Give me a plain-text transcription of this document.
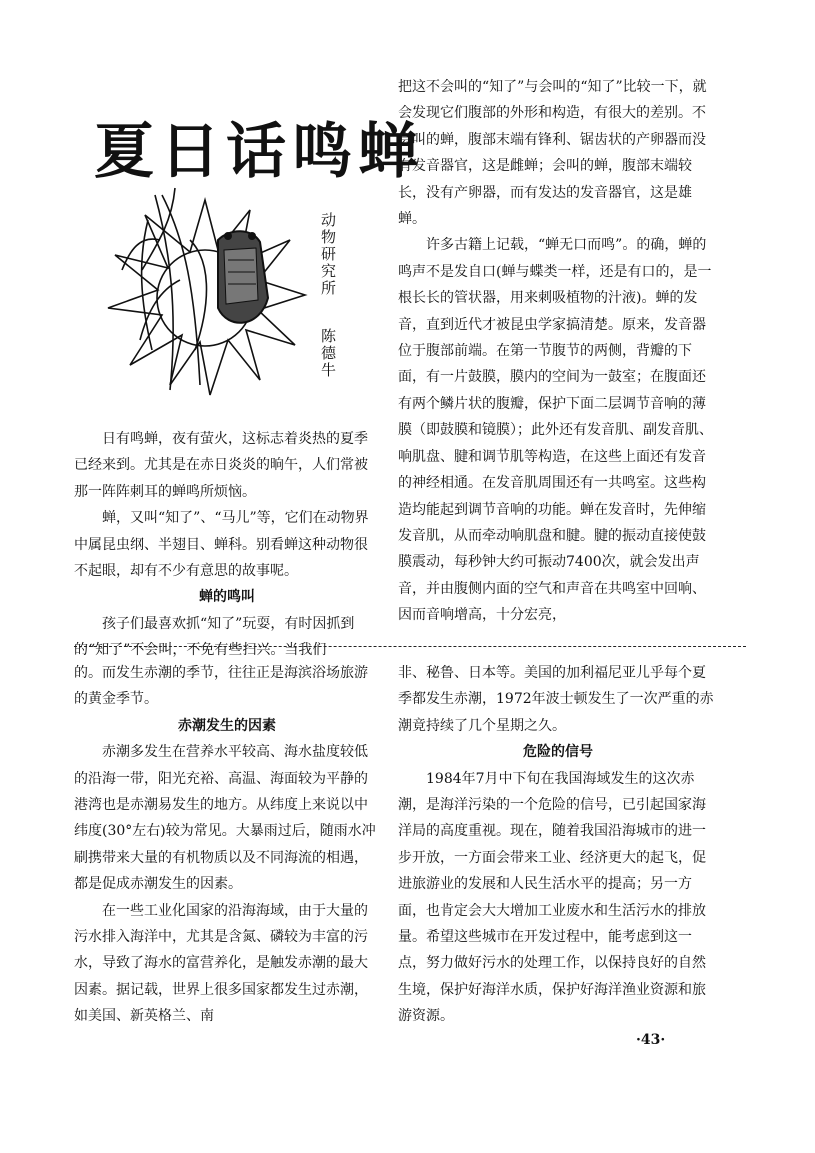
夏日话鸣蝉
动物研究所
陈德牛

日有鸣蝉，夜有萤火，这标志着炎热的夏季已经来到。尤其是在赤日炎炎的晌午，人们常被那一阵阵刺耳的蝉鸣所烦恼。

蝉，又叫“知了”、“马儿”等，它们在动物界中属昆虫纲、半翅目、蝉科。别看蝉这种动物很不起眼，却有不少有意思的故事呢。

蝉的鸣叫

孩子们最喜欢抓“知了”玩耍，有时因抓到的“知了”不会叫，不免有些扫兴。当我们

把这不会叫的“知了”与会叫的“知了”比较一下，就会发现它们腹部的外形和构造，有很大的差别。不会叫的蝉，腹部末端有锋利、锯齿状的产卵器而没有发音器官，这是雌蝉；会叫的蝉，腹部末端较长，没有产卵器，而有发达的发音器官，这是雄蝉。

许多古籍上记载，“蝉无口而鸣”。的确，蝉的鸣声不是发自口(蝉与蝶类一样，还是有口的，是一根长长的管状器，用来刺吸植物的汁液)。蝉的发音，直到近代才被昆虫学家搞清楚。原来，发音器位于腹部前端。在第一节腹节的两侧，背瓣的下面，有一片鼓膜，膜内的空间为一鼓室；在腹面还有两个鳞片状的腹瓣，保护下面二层调节音响的薄膜（即鼓膜和镜膜）；此外还有发音肌、副发音肌、响肌盘、腱和调节肌等构造，在这些上面还有发音的神经相通。在发音肌周围还有一共鸣室。这些构造均能起到调节音响的功能。蝉在发音时，先伸缩发音肌，从而牵动响肌盘和腱。腱的振动直接使鼓膜震动，每秒钟大约可振动7400次，就会发出声音，并由腹侧内面的空气和声音在共鸣室中回响、因而音响增高，十分宏亮，

的。而发生赤潮的季节，往往正是海滨浴场旅游的黄金季节。

赤潮发生的因素

赤潮多发生在营养水平较高、海水盐度较低的沿海一带，阳光充裕、高温、海面较为平静的港湾也是赤潮易发生的地方。从纬度上来说以中纬度(30°左右)较为常见。大暴雨过后，随雨水冲刷携带来大量的有机物质以及不同海流的相遇，都是促成赤潮发生的因素。

在一些工业化国家的沿海海域，由于大量的污水排入海洋中，尤其是含氮、磷较为丰富的污水，导致了海水的富营养化，是触发赤潮的最大因素。据记载，世界上很多国家都发生过赤潮，如美国、新英格兰、南

非、秘鲁、日本等。美国的加利福尼亚儿乎每个夏季都发生赤潮，1972年波士顿发生了一次严重的赤潮竟持续了几个星期之久。

危险的信号

1984年7月中下旬在我国海域发生的这次赤潮，是海洋污染的一个危险的信号，已引起国家海洋局的高度重视。现在，随着我国沿海城市的进一步开放，一方面会带来工业、经济更大的起飞，促进旅游业的发展和人民生活水平的提高；另一方面，也肯定会大大增加工业废水和生活污水的排放量。希望这些城市在开发过程中，能考虑到这一点，努力做好污水的处理工作，以保持良好的自然生境，保护好海洋水质，保护好海洋渔业资源和旅游资源。

·43·
